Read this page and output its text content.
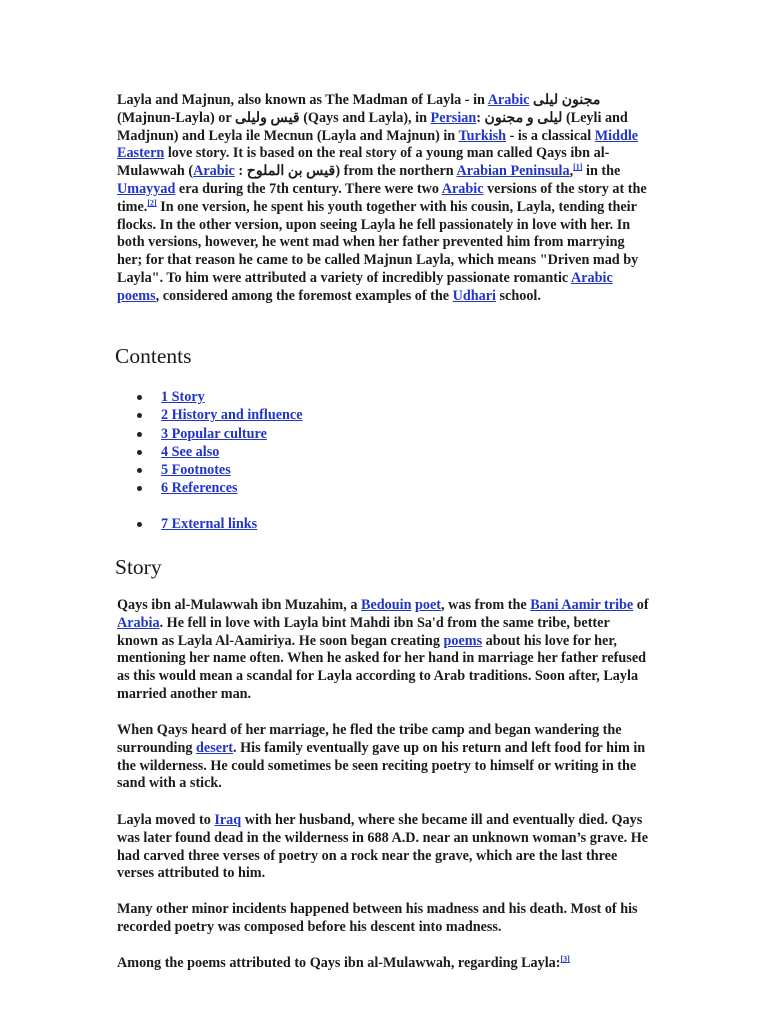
Layla and Majnun, also known as The Madman of Layla - in Arabic مجنون ليلى (Majnun-Layla) or قيس وليلى (Qays and Layla), in Persian: لیلی و مجنون (Leyli and Madjnun) and Leyla ile Mecnun (Layla and Majnun) in Turkish - is a classical Middle Eastern love story. It is based on the real story of a young man called Qays ibn al-Mulawwah (Arabic : قيس بن الملوح) from the northern Arabian Peninsula,[1] in the Umayyad era during the 7th century. There were two Arabic versions of the story at the time.[2] In one version, he spent his youth together with his cousin, Layla, tending their flocks. In the other version, upon seeing Layla he fell passionately in love with her. In both versions, however, he went mad when her father prevented him from marrying her; for that reason he came to be called Majnun Layla, which means "Driven mad by Layla". To him were attributed a variety of incredibly passionate romantic Arabic poems, considered among the foremost examples of the Udhari school.

Contents
1 Story
2 History and influence
3 Popular culture
4 See also
5 Footnotes
6 References
7 External links
Story

Qays ibn al-Mulawwah ibn Muzahim, a Bedouin poet, was from the Bani Aamir tribe of Arabia. He fell in love with Layla bint Mahdi ibn Sa'd from the same tribe, better known as Layla Al-Aamiriya. He soon began creating poems about his love for her, mentioning her name often. When he asked for her hand in marriage her father refused as this would mean a scandal for Layla according to Arab traditions. Soon after, Layla married another man.

When Qays heard of her marriage, he fled the tribe camp and began wandering the surrounding desert. His family eventually gave up on his return and left food for him in the wilderness. He could sometimes be seen reciting poetry to himself or writing in the sand with a stick.

Layla moved to Iraq with her husband, where she became ill and eventually died. Qays was later found dead in the wilderness in 688 A.D. near an unknown woman’s grave. He had carved three verses of poetry on a rock near the grave, which are the last three verses attributed to him.

Many other minor incidents happened between his madness and his death. Most of his recorded poetry was composed before his descent into madness.

Among the poems attributed to Qays ibn al-Mulawwah, regarding Layla:[3]
